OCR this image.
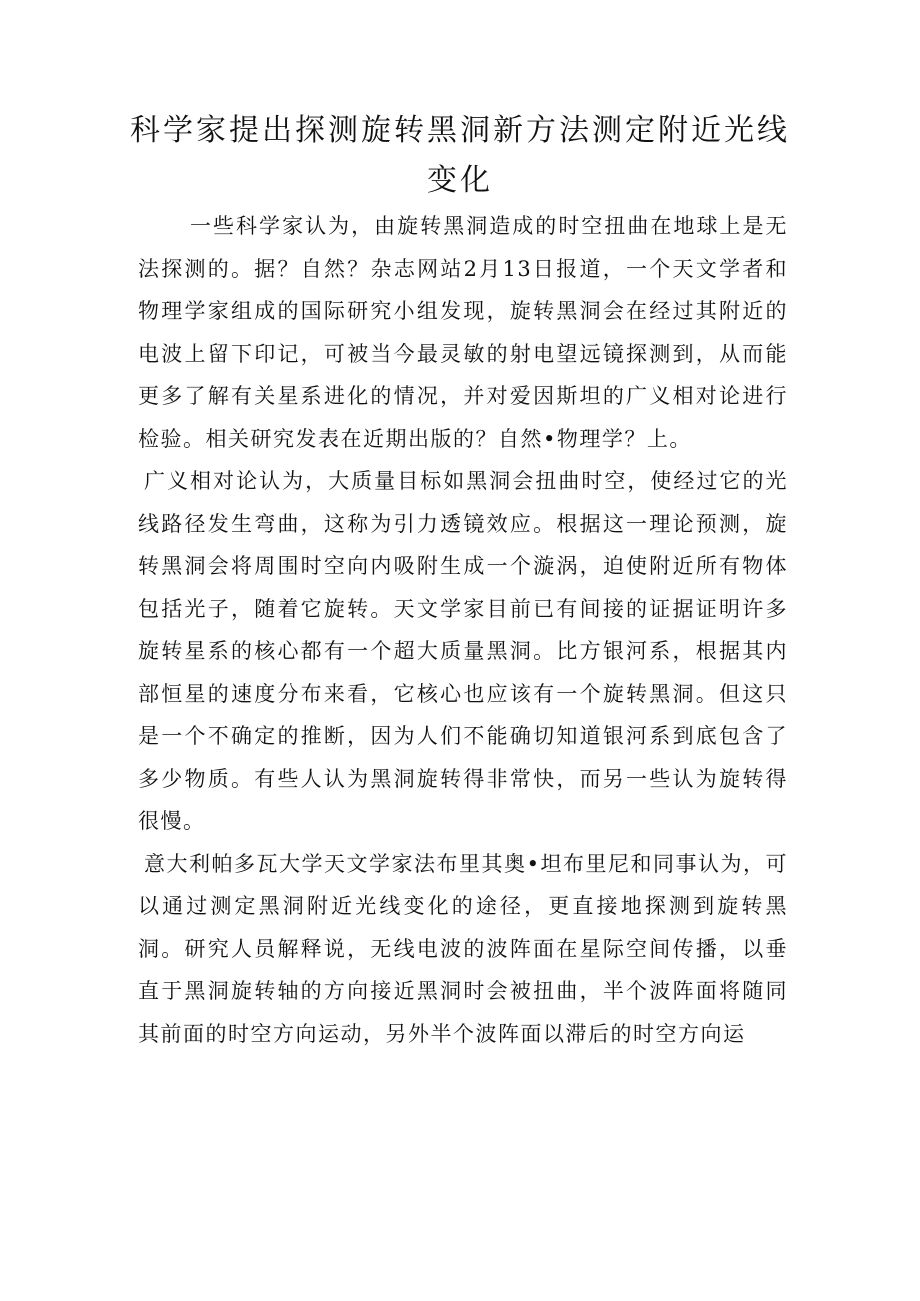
科学家提出探测旋转黑洞新方法测定附近光线变化

一些科学家认为，由旋转黑洞造成的时空扭曲在地球上是无法探测的。据？自然？杂志网站2月13日报道，一个天文学者和物理学家组成的国际研究小组发现，旋转黑洞会在经过其附近的电波上留下印记，可被当今最灵敏的射电望远镜探测到，从而能更多了解有关星系进化的情况，并对爱因斯坦的广义相对论进行检验。相关研究发表在近期出版的？自然•物理学？上。

广义相对论认为，大质量目标如黑洞会扭曲时空，使经过它的光线路径发生弯曲，这称为引力透镜效应。根据这一理论预测，旋转黑洞会将周围时空向内吸附生成一个漩涡，迫使附近所有物体包括光子，随着它旋转。天文学家目前已有间接的证据证明许多旋转星系的核心都有一个超大质量黑洞。比方银河系，根据其内部恒星的速度分布来看，它核心也应该有一个旋转黑洞。但这只是一个不确定的推断，因为人们不能确切知道银河系到底包含了多少物质。有些人认为黑洞旋转得非常快，而另一些认为旋转得很慢。

意大利帕多瓦大学天文学家法布里其奥•坦布里尼和同事认为，可以通过测定黑洞附近光线变化的途径，更直接地探测到旋转黑洞。研究人员解释说，无线电波的波阵面在星际空间传播，以垂直于黑洞旋转轴的方向接近黑洞时会被扭曲，半个波阵面将随同其前面的时空方向运动，另外半个波阵面以滞后的时空方向运
